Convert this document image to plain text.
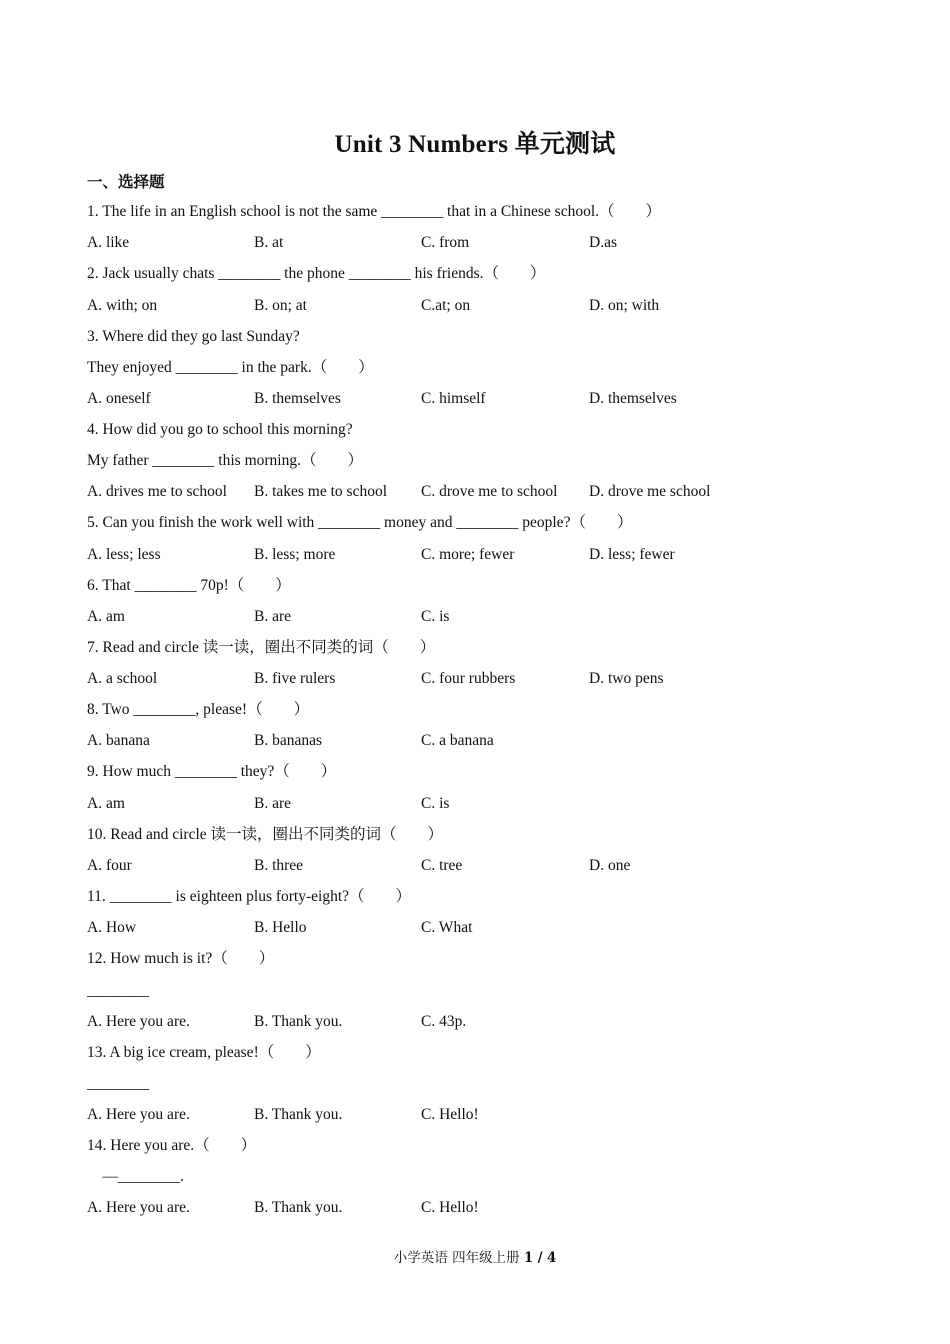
Unit 3 Numbers 单元测试
一、选择题
1. The life in an English school is not the same ________ that in a Chinese school.（　　）
A. like	B. at	C. from	D.as
2. Jack usually chats ________ the phone ________ his friends.（　　）
A. with; on	B. on; at	C.at; on	D. on; with
3. Where did they go last Sunday?
They enjoyed ________ in the park.（　　）
A. oneself	B. themselves	C. himself	D. themselves
4. How did you go to school this morning?
My father ________ this morning.（　　）
A. drives me to school B. takes me to school C. drove me to school D. drove me school
5. Can you finish the work well with ________ money and ________ people?（　　）
A. less; less	B. less; more	C. more; fewer	D. less; fewer
6. That ________ 70p!（　　）
A. am	B. are	C. is
7. Read and circle 读一读，圈出不同类的词（　　）
A. a school	B. five rulers	C. four rubbers	D. two pens
8. Two ________, please!（　　）
A. banana	B. bananas	C. a banana
9. How much ________ they?（　　）
A. am	B. are	C. is
10. Read and circle 读一读，圈出不同类的词（　　）
A. four	B. three	C. tree	D. one
11. ________ is eighteen plus forty-eight?（　　）
A. How	B. Hello	C. What
12. How much is it?（　　）
________
A. Here you are.	B. Thank you.	C. 43p.
13. A big ice cream, please!（　　）
________
A. Here you are.	B. Thank you.	C. Hello!
14. Here you are.（　　）
　—________.
A. Here you are.	B. Thank you.	C. Hello!
小学英语 四年级上册 1 / 4
